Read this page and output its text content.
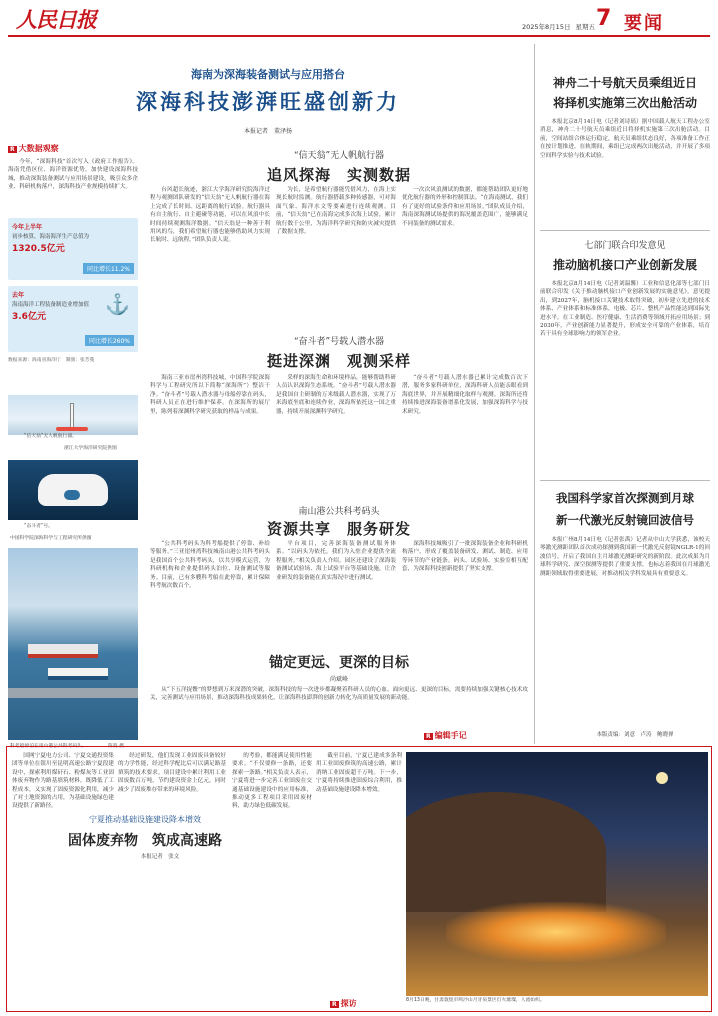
人民日报	2025年8月15日 星期五 7 要闻
海南为深海装备测试与应用搭台
深海科技澎湃旺盛创新力
本报记者　董泽扬
R 大数据观察

今年，“深海科技”首次写入《政府工作报告》。海南凭借区位、海洋资源优势，加快建设深海科技城，推动深海装备测试与应用场景建设，吸引众多企业、科研机构落户，深海科技产业规模持续扩大。

今年上半年
初步核算，海南海洋生产总值为
1320.5亿元
同比增长11.2%
去年
海南海洋工程装备制造业增加值
3.6亿元
⚓
同比增长260%
数据来源：海南省海洋厅　制图：张芳蔓
“信天翁”无人帆航行器
追风探海　实测数据

台风超长航迹，浙江大学海洋研究院海洋过程与观测团队研发的“信天翁”无人帆航行器在海上完成了长时间、远距离的航行试验。航行器具有自主航行、自主避碰等功能，可以在风浪中长时间持续观测海洋数据。“信天翁是一种善于利用风的鸟，我们希望航行器也能够借助风力实现长航时、远航程。”团队负责人说。

为长，是希望航行器能凭借风力，在海上实现长航时监测。航行器搭载多种传感器，可对海面气象、海洋水文等要素进行连续观测。目前，“信天翁”已在南海完成多次海上试验，累计航行数千公里，为海洋科学研究和防灾减灾提供了数据支撑。

一次次风浪测试的数据，都能帮助团队更好地优化航行器的外形和控制算法。“在海南测试，我们有了更好的试验条件和应用场景。”团队成员介绍，海南深海测试场提供的海况覆盖范围广，能够满足不同装备的测试需求。

“信天翁”无人帆航行器。
浙江大学海洋研究院供图
“奋斗者”号载人潜水器
挺进深渊　观测采样

海南三亚市崖州湾科技城，中国科学院深海科学与工程研究所以下简称“深海所”）整洁干净。“奋斗者”号载人潜水器与母船停靠在码头，科研人员正在进行维护保养。在深海所的展厅里，陈列着深渊科学研究获取的样品与成果。

采样的深海生命和环境样品，能够帮助科研人员认识深海生态系统。“奋斗者”号载人潜水器是我国自主研制的万米级载人潜水器，实现了万米海底坐底和连续作业，深海所依托这一国之重器，持续开展深渊科学研究。

“奋斗者”号载人潜水器已累计完成数百次下潜，服务多家科研单位，深海科研人员能亲眼看到海底世界，并开展精细化取样与观测。深海所还将持续推进深海装备谱系化发展，加强深海科学与技术研究。

“奋斗者”号。
中国科学院深海科学与工程研究所供图
南山港公共科考码头
资源共享　服务研发

“公共科考码头为科考船提供了停靠、补给等服务。”三亚崖州湾科技城南山港公共科考码头是我国首个公共科考码头，以共享模式运营，为科研机构和企业提供码头泊位、设备测试等服务。目前，已有多艘科考船在此停靠，累计保障科考航次数百个。

平台项目，完善深海装备测试服务体系。“以码头为依托，我们为入驻企业提供全流程服务。”相关负责人介绍。园区还建设了深海装备测试试验场、海上试验平台等基础设施，让企业研发的装备能在真实海况中进行测试。

深海科技城吸引了一批深海装备企业和科研机构落户，形成了覆盖装备研发、测试、制造、应用等环节的产业链条。码头、试验场、实验室相互配套，为深海科技创新提供了坚实支撑。

科考船停泊在南山港公共科考码头。	陈骁 摄
锚定更远、更深的目标
尚斌峰

从“下五洋捉鳖”的梦想到万米深潜的突破，深海科技的每一次进步都凝聚着科研人员的心血。面向更远、更深的目标，需要持续加强关键核心技术攻关，完善测试与应用场景，推动深海科技成果转化，让深海科技澎湃的创新力转化为高质量发展的新动能。

R 编辑手记
神舟二十号航天员乘组近日
将择机实施第三次出舱活动

本报北京8月14日电（记者刘诗瑶）据中国载人航天工程办公室消息，神舟二十号航天员乘组近日将择机实施第三次出舱活动。目前，空间站组合体运行稳定，航天员乘组状态良好，各项准备工作正在按计划推进。在轨期间，乘组已完成两次出舱活动，并开展了多项空间科学实验与技术试验。

七部门联合印发意见
推动脑机接口产业创新发展

本报北京8月14日电（记者刘温馨）工业和信息化部等七部门日前联合印发《关于推动脑机接口产业创新发展的实施意见》。意见提出，到2027年，脑机接口关键技术取得突破，初步建立先进的技术体系、产业体系和标准体系，电极、芯片、整机产品性能达到国际先进水平，在工业制造、医疗健康、生活消费等领域开拓应用场景；到2030年，产业创新能力显著提升，形成安全可靠的产业体系，培育若干具有全球影响力的领军企业。

我国科学家首次探测到月球
新一代激光反射镜回波信号

本报广州8月14日电（记者张禹）记者从中山大学获悉，该校天琴激光测距团队首次成功探测到我国新一代激光反射镜NGLR-1的回波信号，开启了我国自主月球激光测距研究的新阶段。此次成果为月球科学研究、深空探测等提供了重要支撑，也标志着我国在月球激光测距领域取得重要进展，对推动相关学科发展具有重要意义。

本版责编：刘意　卢涛　鲍晓禅

国网宁夏电力公司、宁夏交通投资集团等单位在银川至昆明高速公路宁夏段建设中，探索利用煤矸石、粉煤灰等工业固体废弃物作为路基填筑材料，既降低了工程成本，又实现了固废资源化利用，减少了对土地资源的占用，为基础设施绿色建设提供了新路径。

经过研发，他们发现工业固废具备较好的力学性能，经过科学配比后可以满足路基填筑的技术要求。项目建设中累计利用工业固废数百万吨，节约建设资金上亿元，同时减少了固废堆存带来的环境风险。

的考验，都能满足使用性能要求。“不仅要修一条路，还要探索一条路。”相关负责人表示，宁夏将进一步完善工业固废在交通基础设施建设中的应用标准，推动更多工程项目采用固废材料，助力绿色低碳发展。

截至目前，宁夏已建成多条利用工业固废修筑的高速公路，累计消纳工业固废超千万吨。下一步，宁夏将持续推进固废综合利用，推动基础设施建设降本增效。

宁夏推动基础设施建设降本增效
固体废弃物　筑成高速路
本报记者　张文
R 探访	8月13日晚，甘肃敦煌市鸣沙山月牙泉景区灯火璀璨，人流如织。
